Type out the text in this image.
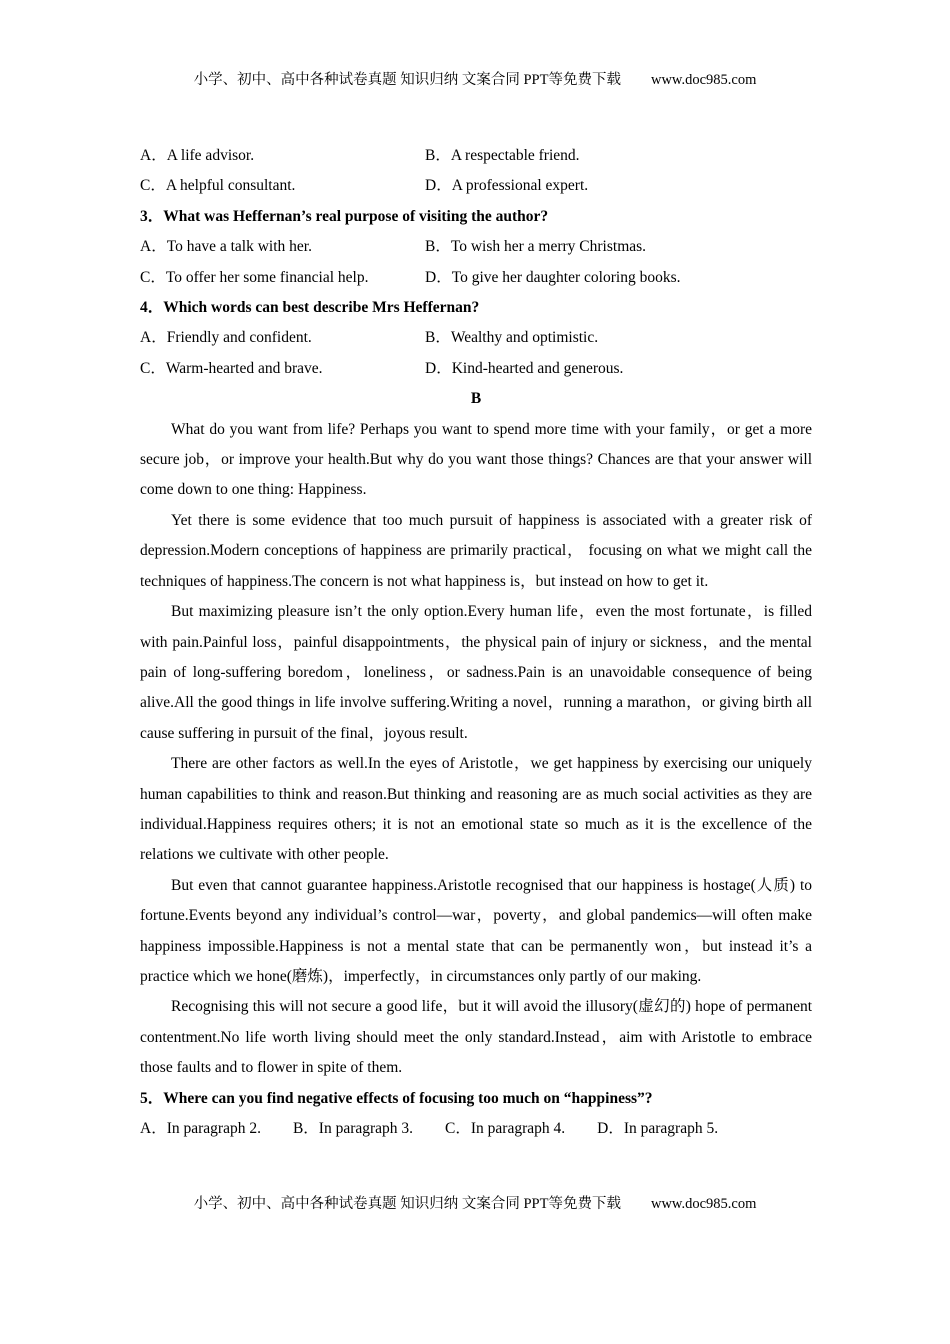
小学、初中、高中各种试卷真题 知识归纳 文案合同 PPT等免费下载 www.doc985.com
A．A life advisor.	B．A respectable friend.
C．A helpful consultant.	D．A professional expert.
3．What was Heffernan’s real purpose of visiting the author?
A．To have a talk with her.	B．To wish her a merry Christmas.
C．To offer her some financial help.	D．To give her daughter coloring books.
4．Which words can best describe Mrs Heffernan?
A．Friendly and confident.	B．Wealthy and optimistic.
C．Warm-hearted and brave.	D．Kind-hearted and generous.
B

What do you want from life? Perhaps you want to spend more time with your family，or get a more secure job，or improve your health.But why do you want those things? Chances are that your answer will come down to one thing: Happiness.

Yet there is some evidence that too much pursuit of happiness is associated with a greater risk of depression.Modern conceptions of happiness are primarily practical， focusing on what we might call the techniques of happiness.The concern is not what happiness is，but instead on how to get it.

But maximizing pleasure isn’t the only option.Every human life，even the most fortunate，is filled with pain.Painful loss，painful disappointments，the physical pain of injury or sickness，and the mental pain of long-suffering boredom，loneliness，or sadness.Pain is an unavoidable consequence of being alive.All the good things in life involve suffering.Writing a novel，running a marathon，or giving birth all cause suffering in pursuit of the final，joyous result.

There are other factors as well.In the eyes of Aristotle，we get happiness by exercising our uniquely human capabilities to think and reason.But thinking and reasoning are as much social activities as they are individual.Happiness requires others; it is not an emotional state so much as it is the excellence of the relations we cultivate with other people.

But even that cannot guarantee happiness.Aristotle recognised that our happiness is hostage(人质) to fortune.Events beyond any individual’s control—war，poverty，and global pandemics—will often make happiness impossible.Happiness is not a mental state that can be permanently won，but instead it’s a practice which we hone(磨炼)，imperfectly，in circumstances only partly of our making.

Recognising this will not secure a good life，but it will avoid the illusory(虚幻的) hope of permanent contentment.No life worth living should meet the only standard.Instead，aim with Aristotle to embrace those faults and to flower in spite of them.

5．Where can you find negative effects of focusing too much on “happiness”?
A．In paragraph 2. B．In paragraph 3. C．In paragraph 4. D．In paragraph 5.
小学、初中、高中各种试卷真题 知识归纳 文案合同 PPT等免费下载 www.doc985.com
